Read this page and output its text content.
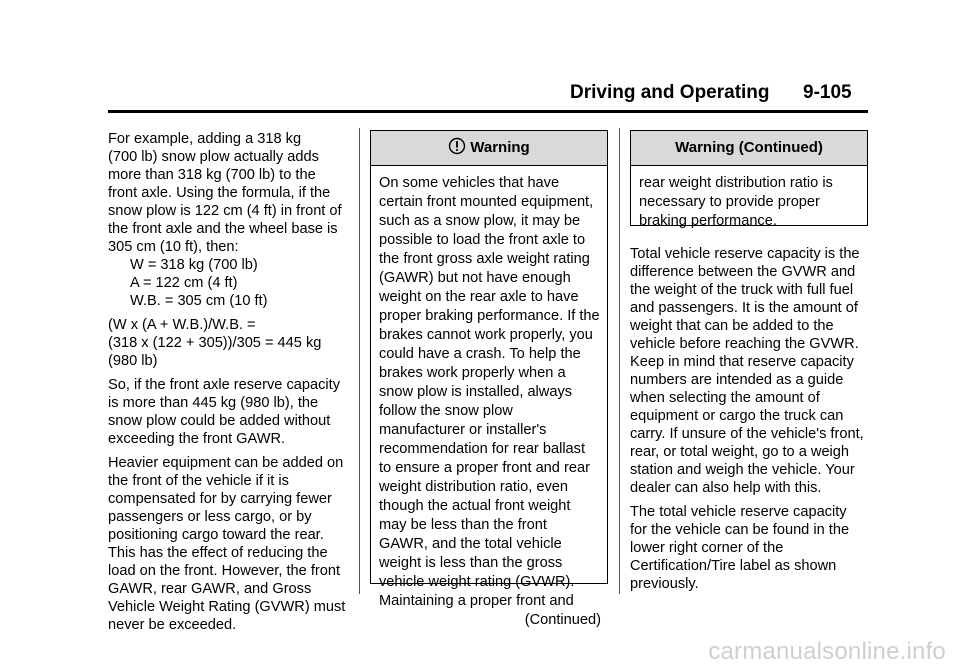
Driving and Operating	9-105

For example, adding a 318 kg
(700 lb) snow plow actually adds
more than 318 kg (700 lb) to the
front axle. Using the formula, if the
snow plow is 122 cm (4 ft) in front of
the front axle and the wheel base is
305 cm (10 ft), then:
W = 318 kg (700 lb)
A = 122 cm (4 ft)
W.B. = 305 cm (10 ft)

(W x (A + W.B.)/W.B. =
(318 x (122 + 305))/305 = 445 kg
(980 lb)

So, if the front axle reserve capacity
is more than 445 kg (980 lb), the
snow plow could be added without
exceeding the front GAWR.

Heavier equipment can be added on
the front of the vehicle if it is
compensated for by carrying fewer
passengers or less cargo, or by
positioning cargo toward the rear.
This has the effect of reducing the
load on the front. However, the front
GAWR, rear GAWR, and Gross
Vehicle Weight Rating (GVWR) must
never be exceeded.

Warning
On some vehicles that have
certain front mounted equipment,
such as a snow plow, it may be
possible to load the front axle to
the front gross axle weight rating
(GAWR) but not have enough
weight on the rear axle to have
proper braking performance. If the
brakes cannot work properly, you
could have a crash. To help the
brakes work properly when a
snow plow is installed, always
follow the snow plow
manufacturer or installer's
recommendation for rear ballast
to ensure a proper front and rear
weight distribution ratio, even
though the actual front weight
may be less than the front
GAWR, and the total vehicle
weight is less than the gross
vehicle weight rating (GVWR).
Maintaining a proper front and
(Continued)
Warning (Continued)
rear weight distribution ratio is
necessary to provide proper
braking performance.

Total vehicle reserve capacity is the
difference between the GVWR and
the weight of the truck with full fuel
and passengers. It is the amount of
weight that can be added to the
vehicle before reaching the GVWR.
Keep in mind that reserve capacity
numbers are intended as a guide
when selecting the amount of
equipment or cargo the truck can
carry. If unsure of the vehicle's front,
rear, or total weight, go to a weigh
station and weigh the vehicle. Your
dealer can also help with this.

The total vehicle reserve capacity
for the vehicle can be found in the
lower right corner of the
Certification/Tire label as shown
previously.

carmanualsonline.info
